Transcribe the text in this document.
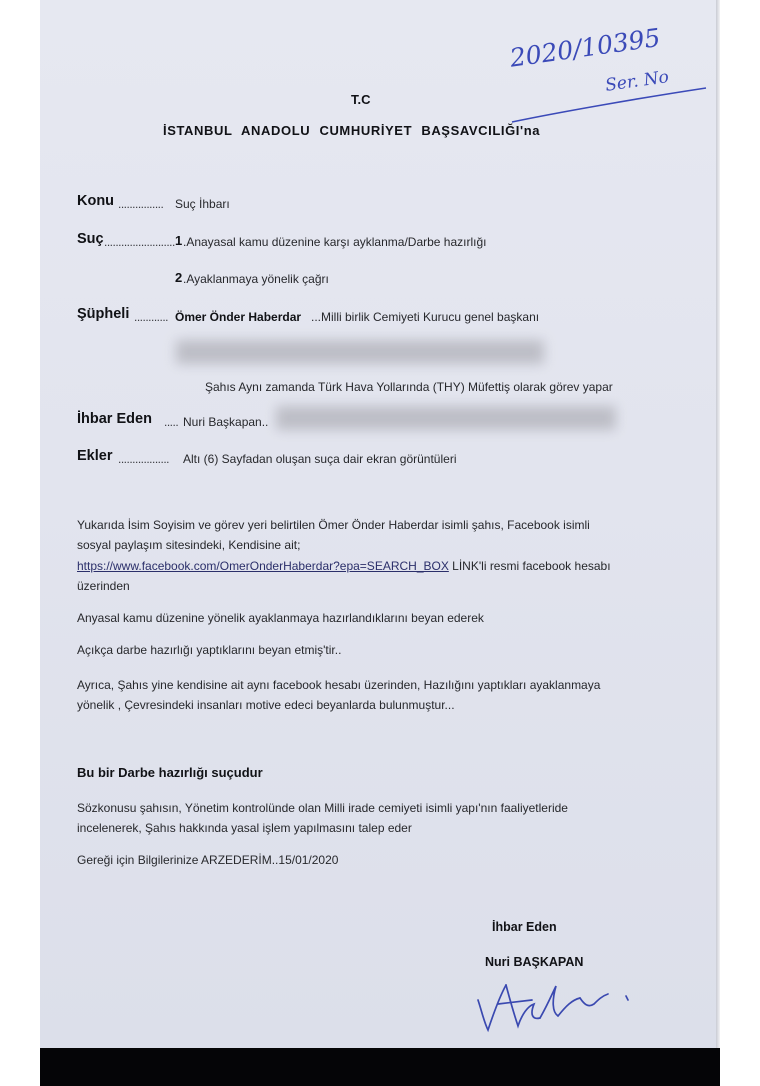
2020/10395
Ser. No
T.C
İSTANBUL ANADOLU CUMHURİYET BAŞSAVCILIĞI'na
Konu ................ Suç İhbarı
Suç ......................... 1 .Anayasal kamu düzenine karşı ayklanma/Darbe hazırlığı
2 .Ayaklanmaya yönelik çağrı
Şüpheli ............ Ömer Önder Haberdar ...Milli birlik Cemiyeti Kurucu genel başkanı
Şahıs Aynı zamanda Türk Hava Yollarında (THY) Müfettiş olarak görev yapar
İhbar Eden ..... Nuri Başkapan..
Ekler .................. Altı (6) Sayfadan oluşan suça dair ekran görüntüleri
Yukarıda İsim Soyisim ve görev yeri belirtilen Ömer Önder Haberdar isimli şahıs, Facebook isimli
sosyal paylaşım sitesindeki, Kendisine ait;
https://www.facebook.com/OmerOnderHaberdar?epa=SEARCH_BOX LİNK'li resmi facebook hesabı
üzerinden
Anyasal kamu düzenine yönelik ayaklanmaya hazırlandıklarını beyan ederek
Açıkça darbe hazırlığı yaptıklarını beyan etmiş'tir..
Ayrıca, Şahıs yine kendisine ait aynı facebook hesabı üzerinden, Hazılığını yaptıkları ayaklanmaya
yönelik , Çevresindeki insanları motive edeci beyanlarda bulunmuştur...
Bu bir Darbe hazırlığı suçudur
Sözkonusu şahısın, Yönetim kontrolünde olan Milli irade cemiyeti isimli yapı'nın faaliyetleride
incelenerek, Şahıs hakkında yasal işlem yapılmasını talep eder
Gereği için Bilgilerinize ARZEDERİM..15/01/2020
İhbar Eden
Nuri BAŞKAPAN
